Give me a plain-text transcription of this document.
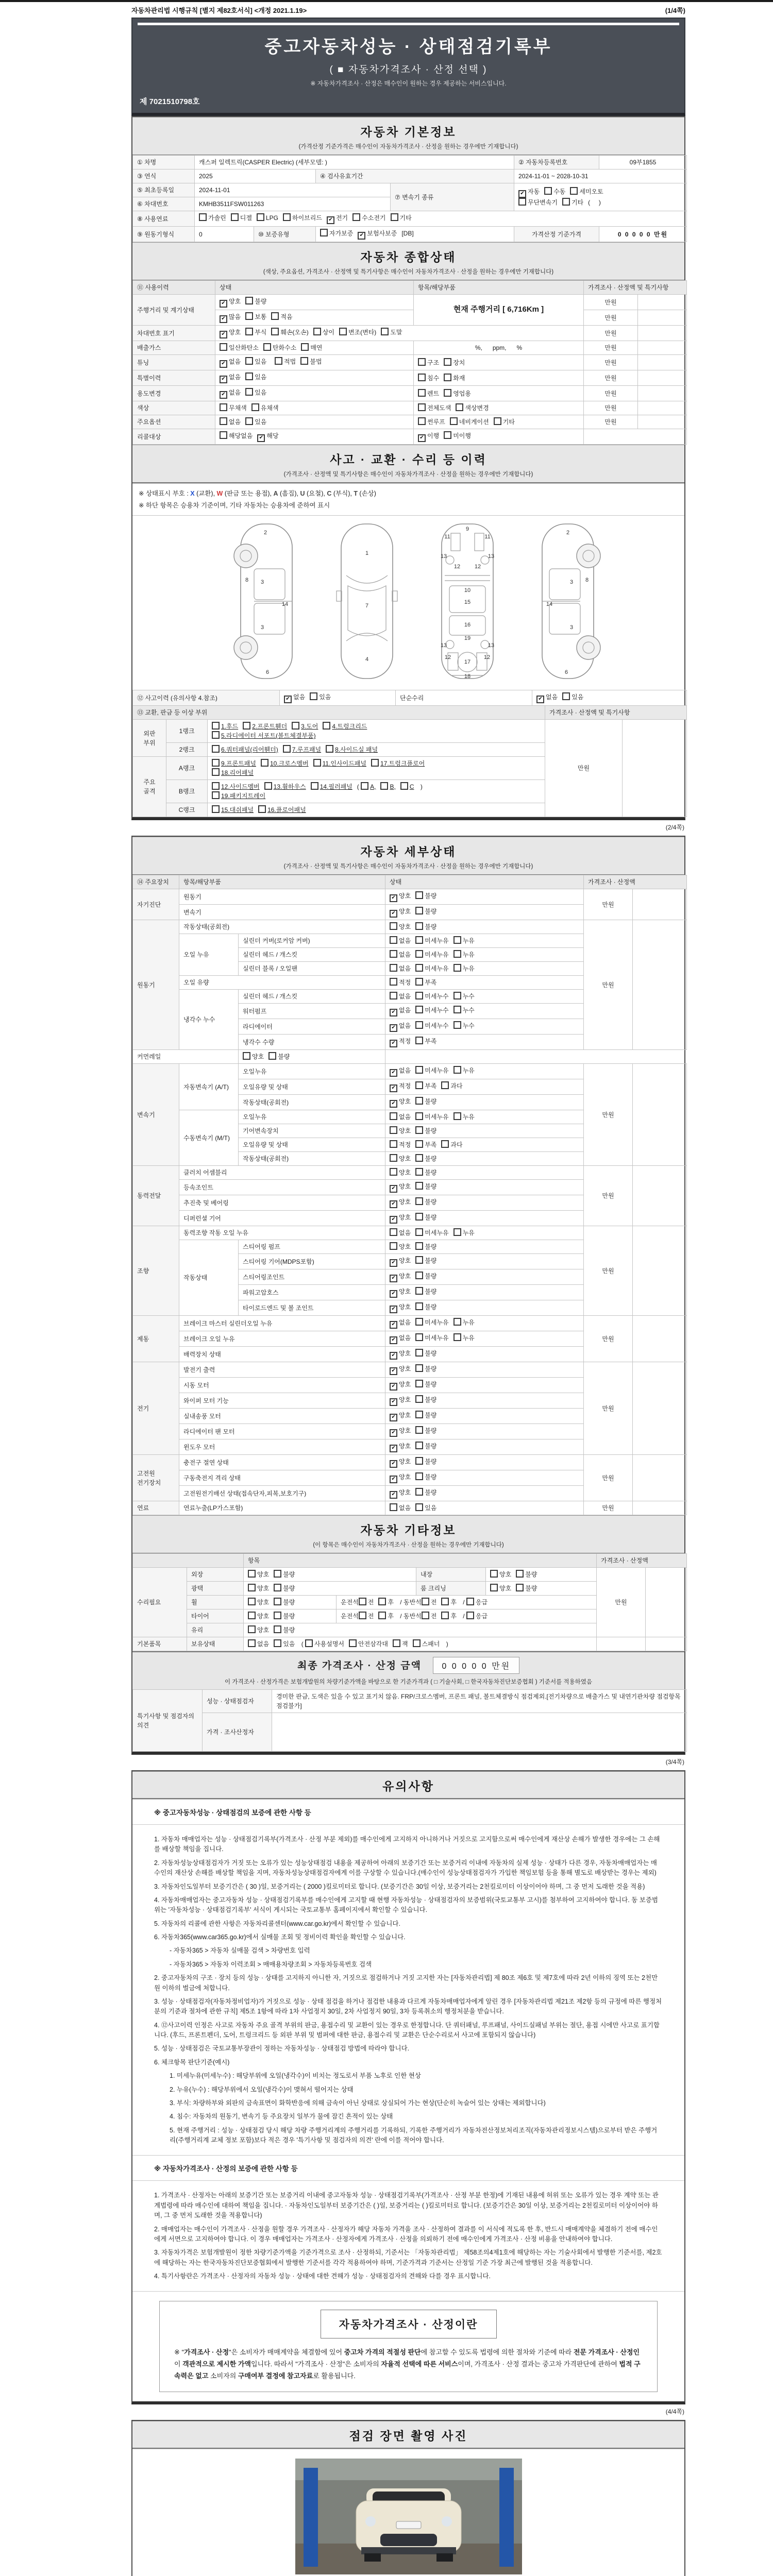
자동차관리법 시행규칙 [별지 제82호서식] <개정 2021.1.19>	(1/4쪽)
중고자동차성능 · 상태점검기록부
( ■ 자동차가격조사 · 산정 선택 )
※ 자동차가격조사 · 산정은 매수인이 원하는 경우 제공하는 서비스입니다.
제 7021510798호
자동차 기본정보
(가격산정 기준가격은 매수인이 자동차가격조사 · 산정을 원하는 경우에만 기재합니다)
① 차명	캐스퍼 일렉트릭(CASPER Electric) (세부모델: )				② 자동차등록번호	09부1855
③ 연식	2025		④ 검사유효기간		2024-11-01 ~ 2028-10-31	
⑤ 최초등록일	2024-11-01			⑦ 변속기 종류	✔ 자동 수동 세미오토
무단변속기 기타 (     )	
⑥ 차대번호	KMHB3511FSW011263					
⑧ 사용연료	가솔린 디젤 LPG 하이브리드 ✔ 전기 수소전기 기타					
⑨ 원동기형식	0	⑩ 보증유형	자가보증 ✔ 보험사보증 [DB]		가격산정 기준가격	0 0 0 0 0 만원
자동차 종합상태
(색상, 주요옵션, 가격조사 · 산정액 및 특기사항은 매수인이 자동차가격조사 · 산정을 원하는 경우에만 기재합니다)
⑪ 사용이력	상태	항목/해당부품	가격조사 · 산정액 및 특기사항	
주행거리 및 계기상태	✔ 양호 불량	현재 주행거리 [ 6,716Km ]	만원	
	✔ 많음 보통 적음		만원	
차대번호 표기	✔ 양호 부식 훼손(오손) 상이 변조(변타) 도말		만원	
배출가스	일산화탄소 탄화수소 매연	%,      ppm,      %	만원	
튜닝	✔ 없음 있음 적법 불법	구조 장치	만원	
특별이력	✔ 없음 있음	침수 화재	만원	
용도변경	✔ 없음 있음	렌트 영업용	만원	
색상	무채색 유채색	전체도색 색상변경	만원	
주요옵션	없음 있음	썬루프 네비게이션 기타	만원	
리콜대상	해당없음 ✔ 해당	✔ 이행 미이행		
사고 · 교환 · 수리 등 이력
(가격조사 · 산정액 및 특기사항은 매수인이 자동차가격조사 · 산정을 원하는 경우에만 기재합니다)
※ 상태표시 부호 : X (교환), W (판금 또는 용접), A (흠집), U (요철), C (부식), T (손상)
※ 하단 항목은 승용차 기준이며, 기타 자동차는 승용차에 준하여 표시
2
8 3
14
3
6
1
7
4
9
11	11
13	13
12	12
10
15
16
19
13	13
12	12
17
18
2
3 8
14
3
6
⑫ 사고이력 (유의사항 4.참조)	✔ 없음 있음	단순수리	✔ 없음 있음
⑬ 교환, 판금 등 이상 부위	가격조사 · 산정액 및 특기사항
외판 부위	1랭크	1.후드 2.프론트휀더 3.도어 4.트렁크리드
5.라디에이터 서포트(볼트체결부품)	만원	
	2랭크	6.쿼터패널(리어휀더) 7.루프패널 8.사이드실 패널		
주요 골격	A랭크	9.프론트패널 10.크로스멤버 11.인사이드패널 17.트렁크플로어
18.리어패널		
	B랭크	12.사이드멤버 13.휠하우스 14.필러패널 ( A, B, C )
19.패키지트레이		
	C랭크	15.대쉬패널 16.플로어패널		
(2/4쪽)
자동차 세부상태
(가격조사 · 산정액 및 특기사항은 매수인이 자동차가격조사 · 산정을 원하는 경우에만 기재합니다)
⑭ 주요장치	항목/해당부품		상태	가격조사 · 산정액	
자기진단	원동기		✔ 양호 불량	만원	
	변속기		✔ 양호 불량		
원동기	작동상태(공회전)		양호 불량	만원	
	오일 누유	실린더 커버(로커암 커버)	없음 미세누유 누유		
		실린더 헤드 / 개스킷	없음 미세누유 누유		
		실린더 블록 / 오일팬	없음 미세누유 누유		
	오일 유량		적정 부족		
	냉각수 누수	실린더 헤드 / 개스킷	없음 미세누수 누수		
		워터펌프	✔ 없음 미세누수 누수		
		라디에이터	✔ 없음 미세누수 누수		
		냉각수 수량	✔ 적정 부족		
커먼레일		양호 불량			
변속기	자동변속기 (A/T)	오일누유	✔ 없음 미세누유 누유	만원	
		오일유량 및 상태	✔ 적정 부족 과다		
		작동상태(공회전)	✔ 양호 불량		
	수동변속기 (M/T)	오일누유	없음 미세누유 누유		
		기어변속장치	양호 불량		
		오일유량 및 상태	적정 부족 과다		
		작동상태(공회전)	양호 불량		
동력전달	클러치 어셈블리		양호 불량	만원	
	등속조인트		✔ 양호 불량		
	추진축 및 베어링		✔ 양호 불량		
	디퍼런셜 기어		✔ 양호 불량		
조향	동력조향 작동 오일 누유		없음 미세누유 누유	만원	
	작동상태	스티어링 펌프	양호 불량		
		스티어링 기어(MDPS포함)	✔ 양호 불량		
		스티어링조인트	✔ 양호 불량		
		파워고압호스	✔ 양호 불량		
		타이로드엔드 및 볼 조인트	✔ 양호 불량		
제동	브레이크 마스터 실린더오일 누유		✔ 없음 미세누유 누유	만원	
	브레이크 오일 누유		✔ 없음 미세누유 누유		
	배력장치 상태		✔ 양호 불량		
전기	발전기 출력		✔ 양호 불량	만원	
	시동 모터		✔ 양호 불량		
	와이퍼 모터 기능		✔ 양호 불량		
	실내송풍 모터		✔ 양호 불량		
	라디에이터 팬 모터		✔ 양호 불량		
	윈도우 모터		✔ 양호 불량		
고전원 전기장치	충전구 절연 상태		✔ 양호 불량	만원	
	구동축전지 격리 상태		✔ 양호 불량		
	고전원전기배선 상태(접속단자,피복,보호기구)		✔ 양호 불량		
연료	연료누출(LP가스포함)		없음 있음	만원	
자동차 기타정보
(이 항목은 매수인이 자동차가격조사 · 산정을 원하는 경우에만 기재합니다)
		항목				가격조사 · 산정액	
수리필요	외장	양호 불량		내장	양호 불량	만원	
	광택	양호 불량		룸 크리닝	양호 불량		
	휠	양호 불량	운전석 전 후 / 동반석 전 후 / 응급				
	타이어	양호 불량	운전석 전 후 / 동반석 전 후 / 응급				
	유리	양호 불량					
기본품목	보유상태	없음 있음 ( 사용설명서 안전삼각대 잭 스패너 )					
최종 가격조사 · 산정 금액 0 0 0 0 0 만원
이 가격조사 · 산정가격은 보험개발원의 차량기준가액을 바탕으로 한 기준가격과 ( □ 기술사회, □ 한국자동차진단보증협회 ) 기준서를 적용하였음
특기사항 및 점검자의 의견	성능 · 상태점검자	경미한 판금, 도색은 있을 수 있고 표기치 않음. FRP/크로스멤버, 프론트 패널, 볼트체결방식 점검제외.[전기차량으로 배출가스 및 내연기관차량 점검항목 점검불가]
	가격 · 조사산정자	
(3/4쪽)
유의사항
※ 중고자동차성능 · 상태점검의 보증에 관한 사항 등
1. 자동차 매매업자는 성능 · 상태점검기록부(가격조사 · 산정 부분 제외)를 매수인에게 고지하지 아니하거나 거짓으로 고지함으로써 매수인에게 재산상 손해가 발생한 경우에는 그 손해를 배상할 책임을 집니다.
2. 자동차성능상태점검자가 거짓 또는 오류가 있는 성능상태점검 내용을 제공하여 아래의 보증기간 또는 보증거리 이내에 자동차의 실제 성능 · 상태가 다른 경우, 자동차매매업자는 매수인의 재산상 손해를 배상할 책임을 지며, 자동차성능상태점검자에게 이를 구상할 수 있습니다.(매수인이 성능상태점검자가 가입한 책임보험 등을 통해 별도로 배상받는 경우는 제외)
3. 자동차인도일부터 보증기간은 ( 30 )일, 보증거리는 ( 2000 )킬로미터로 합니다. (보증기간은 30일 이상, 보증거리는 2천킬로미터 이상이어야 하며, 그 중 먼저 도래한 것을 적용)
4. 자동차매매업자는 중고자동차 성능 · 상태점검기록부를 매수인에게 고지할 때 현행 자동차성능 · 상태점검자의 보증범위(국토교통부 고시)를 첨부하여 고지하여야 합니다. 동 보증범위는 '자동차성능 · 상태점검기록부' 서식이 게시되는 국토교통부 홈페이지에서 확인할 수 있습니다.
5. 자동차의 리콜에 관한 사항은 자동차리콜센터(www.car.go.kr)에서 확인할 수 있습니다.
6. 자동차365(www.car365.go.kr)에서 실매물 조회 및 정비이력 확인을 확인할 수 있습니다.
- 자동차365 > 자동차 실매물 검색 > 차량번호 입력
- 자동차365 > 자동차 이력조회 > 매매용차량조회 > 자동차등록번호 검색
2. 중고자동차의 구조 · 장치 등의 성능 · 상태를 고지하지 아니한 자, 거짓으로 점검하거나 거짓 고지한 자는 [자동차관리법] 제 80조 제6호 및 제7호에 따라 2년 이하의 징역 또는 2천만원 이하의 벌금에 처합니다.
3. 성능 · 상태점검자(자동차정비업자)가 거짓으로 성능 · 상태 점검을 하거나 점검한 내용과 다르게 자동차매매업자에게 알린 경우 [자동차관리법 제21조 제2항 등의 규정에 따른 행정처분의 기준과 절차에 관한 규칙] 제5조 1항에 따라 1차 사업정지 30일, 2차 사업정지 90일, 3차 등록취소의 행정처분을 받습니다.
4. ⑫사고이력 인정은 사고로 자동차 주요 골격 부위의 판금, 용접수리 및 교환이 있는 경우로 한정합니다. 단 쿼터패널, 루프패널, 사이드실패널 부위는 절단, 용접 시에만 사고로 표기합니다. (후드, 프론트펜더, 도어, 트렁크리드 등 외판 부위 및 범퍼에 대한 판금, 용접수리 및 교환은 단순수리로서 사고에 포함되지 않습니다)
5. 성능 · 상태점검은 국토교통부장관이 정하는 자동차성능 · 상태점검 방법에 따라야 합니다.
6. 체크항목 판단기준(예시)
1. 미세누유(미세누수) : 해당부위에 오일(냉각수)이 비치는 정도로서 부품 노후로 인한 현상
2. 누유(누수) : 해당부위에서 오일(냉각수)이 맺혀서 떨어지는 상태
3. 부식: 차량하부와 외판의 금속표면이 화학반응에 의해 금속이 아닌 상태로 상실되어 가는 현상(단순히 녹슬어 있는 상태는 제외합니다)
4. 침수: 자동차의 원동기, 변속기 등 주요장치 일부가 물에 잠긴 흔적이 있는 상태
5. 현재 주행거리 : 성능 · 상태점검 당시 해당 차량 주행거리계의 주행거리를 기록하되, 기록한 주행거리가 자동차전산정보처리조직(자동차관리정보시스템)으로부터 받은 주행거리(주행거리계 교체 정보 포함)보다 적은 경우 '특기사항 및 점검자의 의견' 란에 이를 적어야 합니다.
※ 자동차가격조사 · 산정의 보증에 관한 사항 등
1. 가격조사 · 산정자는 아래의 보증기간 또는 보증거리 이내에 중고자동차 성능 · 상태점검기록부(가격조사 · 산정 부분 한정)에 기재된 내용에 허위 또는 오류가 있는 경우 계약 또는 관계법령에 따라 매수인에 대하여 책임을 집니다. · 자동차인도일부터 보증기간은 ( )일, 보증거리는 ( )킬로미터로 합니다. (보증기간은 30일 이상, 보증거리는 2천킬로미터 이상이어야 하며, 그 중 먼저 도래한 것을 적용합니다)
2. 매매업자는 매수인이 가격조사 · 산정을 원할 경우 가격조사 · 산정자가 해당 자동차 가격을 조사 · 산정하여 결과를 이 서식에 적도록 한 후, 반드시 매매계약을 체결하기 전에 매수인에게 서면으로 고지하여야 합니다. 이 경우 매매업자는 가격조사 · 산정자에게 가격조사 · 산정을 의뢰하기 전에 매수인에게 가격조사 · 산정 비용을 안내하여야 합니다.
3. 자동차가격은 보험개발원이 정한 차량기준가액을 기준가격으로 조사 · 산정하되, 기준서는 「자동차관리법」 제58조의4제1호에 해당하는 자는 기술사회에서 발행한 기준서를, 제2호에 해당하는 자는 한국자동차진단보증협회에서 발행한 기준서를 각각 적용하여야 하며, 기준가격과 기준서는 산정일 기준 가장 최근에 발행된 것을 적용합니다.
4. 특기사항란은 가격조사 · 산정자의 자동차 성능 · 상태에 대한 견해가 성능 · 상태점검자의 견해와 다를 경우 표시합니다.
자동차가격조사 · 산정이란

※ "가격조사 · 산정"은 소비자가 매매계약을 체결함에 있어 중고차 가격의 적절성 판단에 참고할 수 있도록 법령에 의한 절차와 기준에 따라 전문 가격조사 · 산정인이 객관적으로 제시한 가액입니다. 따라서 "가격조사 · 산정"은 소비자의 자율적 선택에 따른 서비스이며, 가격조사 · 산정 결과는 중고차 가격판단에 관하여 법적 구속력은 없고 소비자의 구매여부 결정에 참고자료로 활용됩니다.

(4/4쪽)
점검 장면 촬영 사진
